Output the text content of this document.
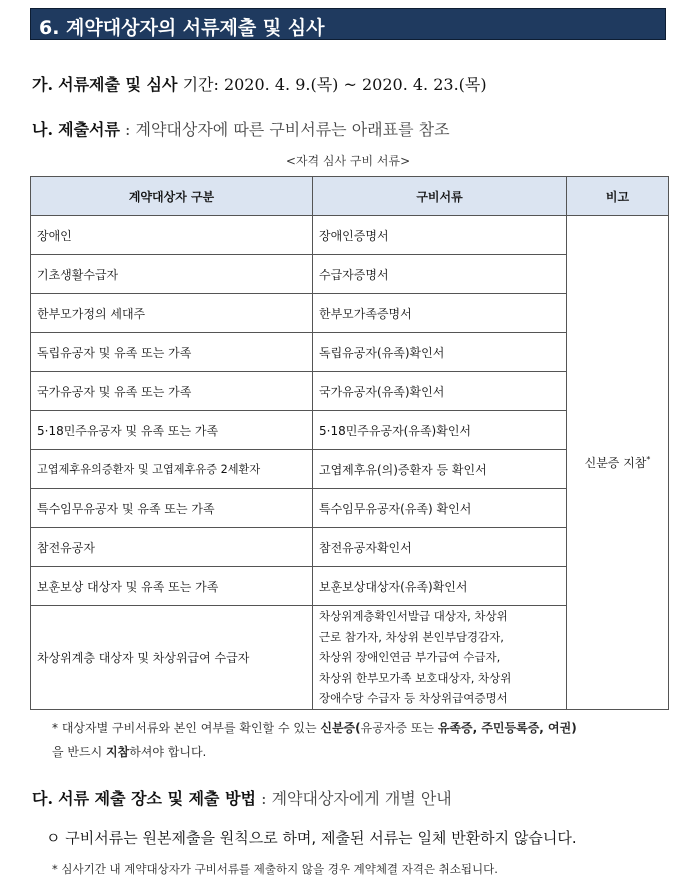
6. 계약대상자의 서류제출 및 심사
가. 서류제출 및 심사 기간: 2020. 4. 9.(목) ~ 2020. 4. 23.(목)
나. 제출서류 : 계약대상자에 따른 구비서류는 아래표를 참조
<자격 심사 구비 서류>
계약대상자 구분	구비서류	비고
장애인	장애인증명서	신분증 지참*
기초생활수급자	수급자증명서	
한부모가정의 세대주	한부모가족증명서	
독립유공자 및 유족 또는 가족	독립유공자(유족)확인서	
국가유공자 및 유족 또는 가족	국가유공자(유족)확인서	
5·18민주유공자 및 유족 또는 가족	5·18민주유공자(유족)확인서	
고엽제후유의증환자 및 고엽제후유증 2세환자	고엽제후유(의)증환자 등 확인서	
특수임무유공자 및 유족 또는 가족	특수임무유공자(유족) 확인서	
참전유공자	참전유공자확인서	
보훈보상 대상자 및 유족 또는 가족	보훈보상대상자(유족)확인서	
차상위계층 대상자 및 차상위급여 수급자	차상위계층확인서발급 대상자, 차상위
근로 참가자, 차상위 본인부담경감자,
차상위 장애인연금 부가급여 수급자,
차상위 한부모가족 보호대상자, 차상위
장애수당 수급자 등 차상위급여증명서	
* 대상자별 구비서류와 본인 여부를 확인할 수 있는 신분증(유공자증 또는 유족증, 주민등록증, 여권)
을 반드시 지참하셔야 합니다.
다. 서류 제출 장소 및 제출 방법 : 계약대상자에게 개별 안내
ㅇ 구비서류는 원본제출을 원칙으로 하며, 제출된 서류는 일체 반환하지 않습니다.
* 심사기간 내 계약대상자가 구비서류를 제출하지 않을 경우 계약체결 자격은 취소됩니다.
